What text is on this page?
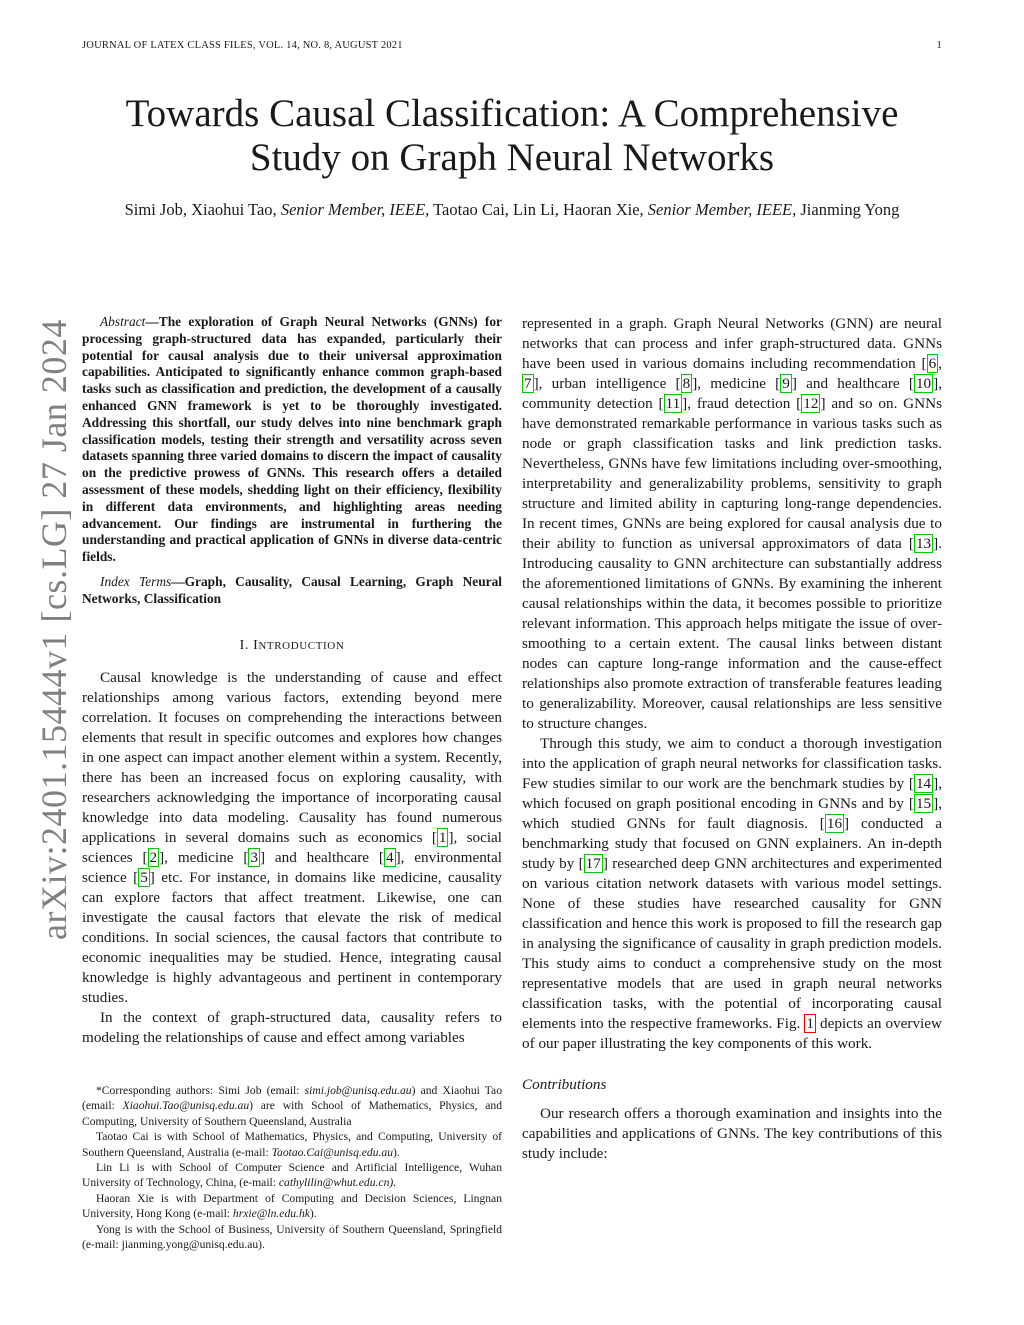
JOURNAL OF LATEX CLASS FILES, VOL. 14, NO. 8, AUGUST 2021	1
Towards Causal Classification: A Comprehensive
Study on Graph Neural Networks
Simi Job, Xiaohui Tao, Senior Member, IEEE, Taotao Cai, Lin Li, Haoran Xie, Senior Member, IEEE, Jianming Yong
arXiv:2401.15444v1 [cs.LG] 27 Jan 2024	Abstract—The exploration of Graph Neural Networks (GNNs) for processing graph-structured data has expanded, particularly their potential for causal analysis due to their universal approximation capabilities. Anticipated to significantly enhance common graph-based tasks such as classification and prediction, the development of a causally enhanced GNN framework is yet to be thoroughly investigated. Addressing this shortfall, our study delves into nine benchmark graph classification models, testing their strength and versatility across seven datasets spanning three varied domains to discern the impact of causality on the predictive prowess of GNNs. This research offers a detailed assessment of these models, shedding light on their efficiency, flexibility in different data environments, and highlighting areas needing advancement. Our findings are instrumental in furthering the understanding and practical application of GNNs in diverse data-centric fields.

Index Terms—Graph, Causality, Causal Learning, Graph Neural Networks, Classification

I. INTRODUCTION

Causal knowledge is the understanding of cause and effect relationships among various factors, extending beyond mere correlation. It focuses on comprehending the interactions between elements that result in specific outcomes and explores how changes in one aspect can impact another element within a system. Recently, there has been an increased focus on exploring causality, with researchers acknowledging the importance of incorporating causal knowledge into data modeling. Causality has found numerous applications in several domains such as economics [ 1 ], social sciences [ 2 ], medicine [ 3 ] and healthcare [ 4 ], environmental science [ 5 ] etc. For instance, in domains like medicine, causality can explore factors that affect treatment. Likewise, one can investigate the causal factors that elevate the risk of medical conditions. In social sciences, the causal factors that contribute to economic inequalities may be studied. Hence, integrating causal knowledge is highly advantageous and pertinent in contemporary studies.

In the context of graph-structured data, causality refers to modeling the relationships of cause and effect among variables

*Corresponding authors: Simi Job (email: simi.job@unisq.edu.au) and Xiaohui Tao (email: Xiaohui.Tao@unisq.edu.au) are with School of Mathematics, Physics, and Computing, University of Southern Queensland, Australia

Taotao Cai is with School of Mathematics, Physics, and Computing, University of Southern Queensland, Australia (e-mail: Taotao.Cai@unisq.edu.au).

Lin Li is with School of Computer Science and Artificial Intelligence, Wuhan University of Technology, China, (e-mail: cathylilin@whut.edu.cn).

Haoran Xie is with Department of Computing and Decision Sciences, Lingnan University, Hong Kong (e-mail: hrxie@ln.edu.hk).

Yong is with the School of Business, University of Southern Queensland, Springfield (e-mail: jianming.yong@unisq.edu.au).

represented in a graph. Graph Neural Networks (GNN) are neural networks that can process and infer graph-structured data. GNNs have been used in various domains including recommendation [ 6 , 7 ], urban intelligence [ 8 ], medicine [ 9 ] and healthcare [ 10 ], community detection [ 11 ], fraud detection [ 12 ] and so on. GNNs have demonstrated remarkable performance in various tasks such as node or graph classification tasks and link prediction tasks. Nevertheless, GNNs have few limitations including over-smoothing, interpretability and generalizability problems, sensitivity to graph structure and limited ability in capturing long-range dependencies. In recent times, GNNs are being explored for causal analysis due to their ability to function as universal approximators of data [ 13 ]. Introducing causality to GNN architecture can substantially address the aforementioned limitations of GNNs. By examining the inherent causal relationships within the data, it becomes possible to prioritize relevant information. This approach helps mitigate the issue of over-smoothing to a certain extent. The causal links between distant nodes can capture long-range information and the cause-effect relationships also promote extraction of transferable features leading to generalizability. Moreover, causal relationships are less sensitive to structure changes.

Through this study, we aim to conduct a thorough investigation into the application of graph neural networks for classification tasks. Few studies similar to our work are the benchmark studies by [ 14 ], which focused on graph positional encoding in GNNs and by [ 15 ], which studied GNNs for fault diagnosis. [ 16 ] conducted a benchmarking study that focused on GNN explainers. An in-depth study by [ 17 ] researched deep GNN architectures and experimented on various citation network datasets with various model settings. None of these studies have researched causality for GNN classification and hence this work is proposed to fill the research gap in analysing the significance of causality in graph prediction models. This study aims to conduct a comprehensive study on the most representative models that are used in graph neural networks classification tasks, with the potential of incorporating causal elements into the respective frameworks. Fig. 1 depicts an overview of our paper illustrating the key components of this work.

Contributions

Our research offers a thorough examination and insights into the capabilities and applications of GNNs. The key contributions of this study include:
